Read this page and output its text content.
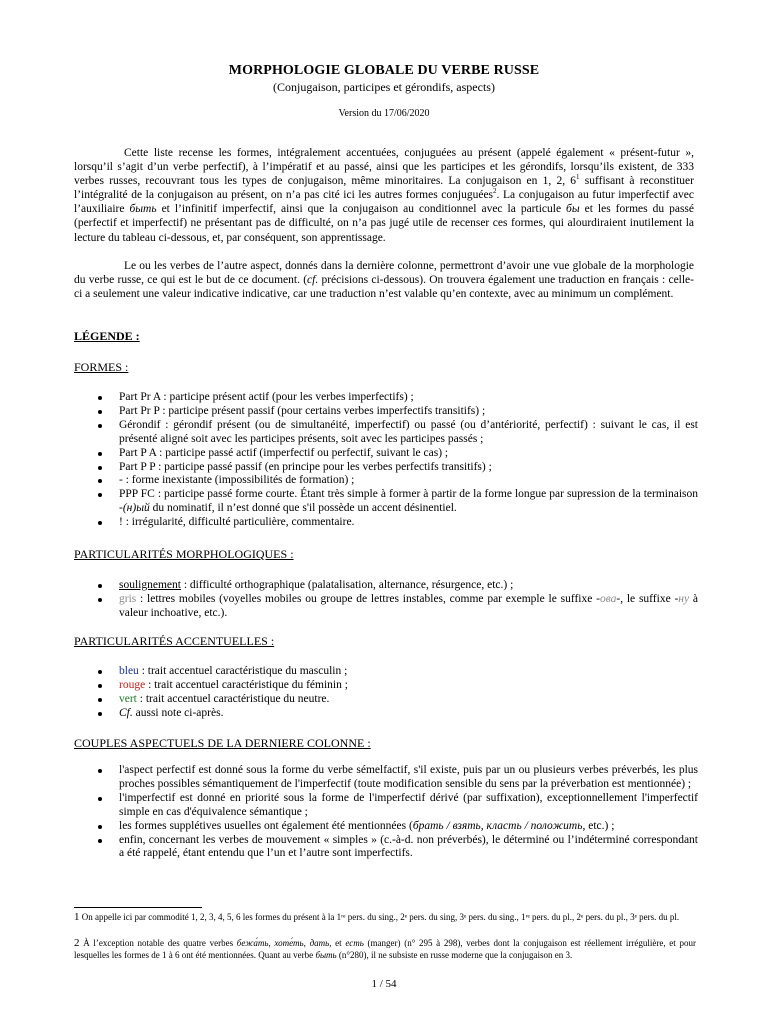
MORPHOLOGIE GLOBALE DU VERBE RUSSE
(Conjugaison, participes et gérondifs, aspects)
Version du 17/06/2020
Cette liste recense les formes, intégralement accentuées, conjuguées au présent (appelé également « présent-futur », lorsqu’il s’agit d’un verbe perfectif), à l’impératif et au passé, ainsi que les participes et les gérondifs, lorsqu’ils existent, de 333 verbes russes, recouvrant tous les types de conjugaison, même minoritaires. La conjugaison en 1, 2, $6^1$ suffisant à reconstituer l’intégralité de la conjugaison au présent, on n’a pas cité ici les autres formes conjuguées$^2$. La conjugaison au futur imperfectif avec l’auxiliaire быть et l’infinitif imperfectif, ainsi que la conjugaison au conditionnel avec la particule бы et les formes du passé (perfectif et imperfectif) ne présentant pas de difficulté, on n’a pas jugé utile de recenser ces formes, qui alourdiraient inutilement la lecture du tableau ci-dessous, et, par conséquent, son apprentissage.
Le ou les verbes de l’autre aspect, donnés dans la dernière colonne, permettront d’avoir une vue globale de la morphologie du verbe russe, ce qui est le but de ce document. (cf. précisions ci-dessous). On trouvera également une traduction en français : celle-ci a seulement une valeur indicative indicative, car une traduction n’est valable qu’en contexte, avec au minimum un complément.
LÉGENDE :
FORMES :
Part Pr A : participe présent actif (pour les verbes imperfectifs) ;
Part Pr P : participe présent passif (pour certains verbes imperfectifs transitifs) ;
Gérondif : gérondif présent (ou de simultanéité, imperfectif) ou passé (ou d’antériorité, perfectif) : suivant le cas, il est présenté aligné soit avec les participes présents, soit avec les participes passés ;
Part P A : participe passé actif (imperfectif ou perfectif, suivant le cas) ;
Part P P : participe passé passif (en principe pour les verbes perfectifs transitifs) ;
- : forme inexistante (impossibilités de formation) ;
PPP FC : participe passé forme courte. Étant très simple à former à partir de la forme longue par supression de la terminaison -(н)ый du nominatif, il n’est donné que s'il possède un accent désinentiel.
! : irrégularité, difficulté particulière, commentaire.
PARTICULARITÉS MORPHOLOGIQUES :
soulignement : difficulté orthographique (palatalisation, alternance, résurgence, etc.) ;
gris : lettres mobiles (voyelles mobiles ou groupe de lettres instables, comme par exemple le suffixe -ова-, le suffixe -ну à valeur inchoative, etc.).
PARTICULARITÉS ACCENTUELLES :
bleu : trait accentuel caractéristique du masculin ;
rouge : trait accentuel caractéristique du féminin ;
vert : trait accentuel caractéristique du neutre.
Cf. aussi note ci-après.
COUPLES ASPECTUELS DE LA DERNIERE COLONNE :
l'aspect perfectif est donné sous la forme du verbe sémelfactif, s'il existe, puis par un ou plusieurs verbes préverbés, les plus proches possibles sémantiquement de l'imperfectif (toute modification sensible du sens par la préverbation est mentionnée) ;
l'imperfectif est donné en priorité sous la forme de l'imperfectif dérivé (par suffixation), exceptionnellement l'imperfectif simple en cas d'équivalence sémantique ;
les formes supplétives usuelles ont également été mentionnées (брать / взять, класть / положить, etc.) ;
enfin, concernant les verbes de mouvement « simples » (c.-à-d. non préverbés), le déterminé ou l’indéterminé correspondant a été rappelé, étant entendu que l’un et l’autre sont imperfectifs.
1 On appelle ici par commodité 1, 2, 3, 4, 5, 6 les formes du présent à la 1ʳᵉ pers. du sing., 2ᵉ pers. du sing, 3ᵉ pers. du sing., 1ʳᵉ pers. du pl., 2ᵉ pers. du pl., 3ᵉ pers. du pl.
2 À l’exception notable des quatre verbes бежа́ть, хоте́ть, дать, et есть (manger) (n° 295 à 298), verbes dont la conjugaison est réellement irrégulière, et pour lesquelles les formes de 1 à 6 ont été mentionnées. Quant au verbe быть (n°280), il ne subsiste en russe moderne que la conjugaison en 3.
1 / 54
